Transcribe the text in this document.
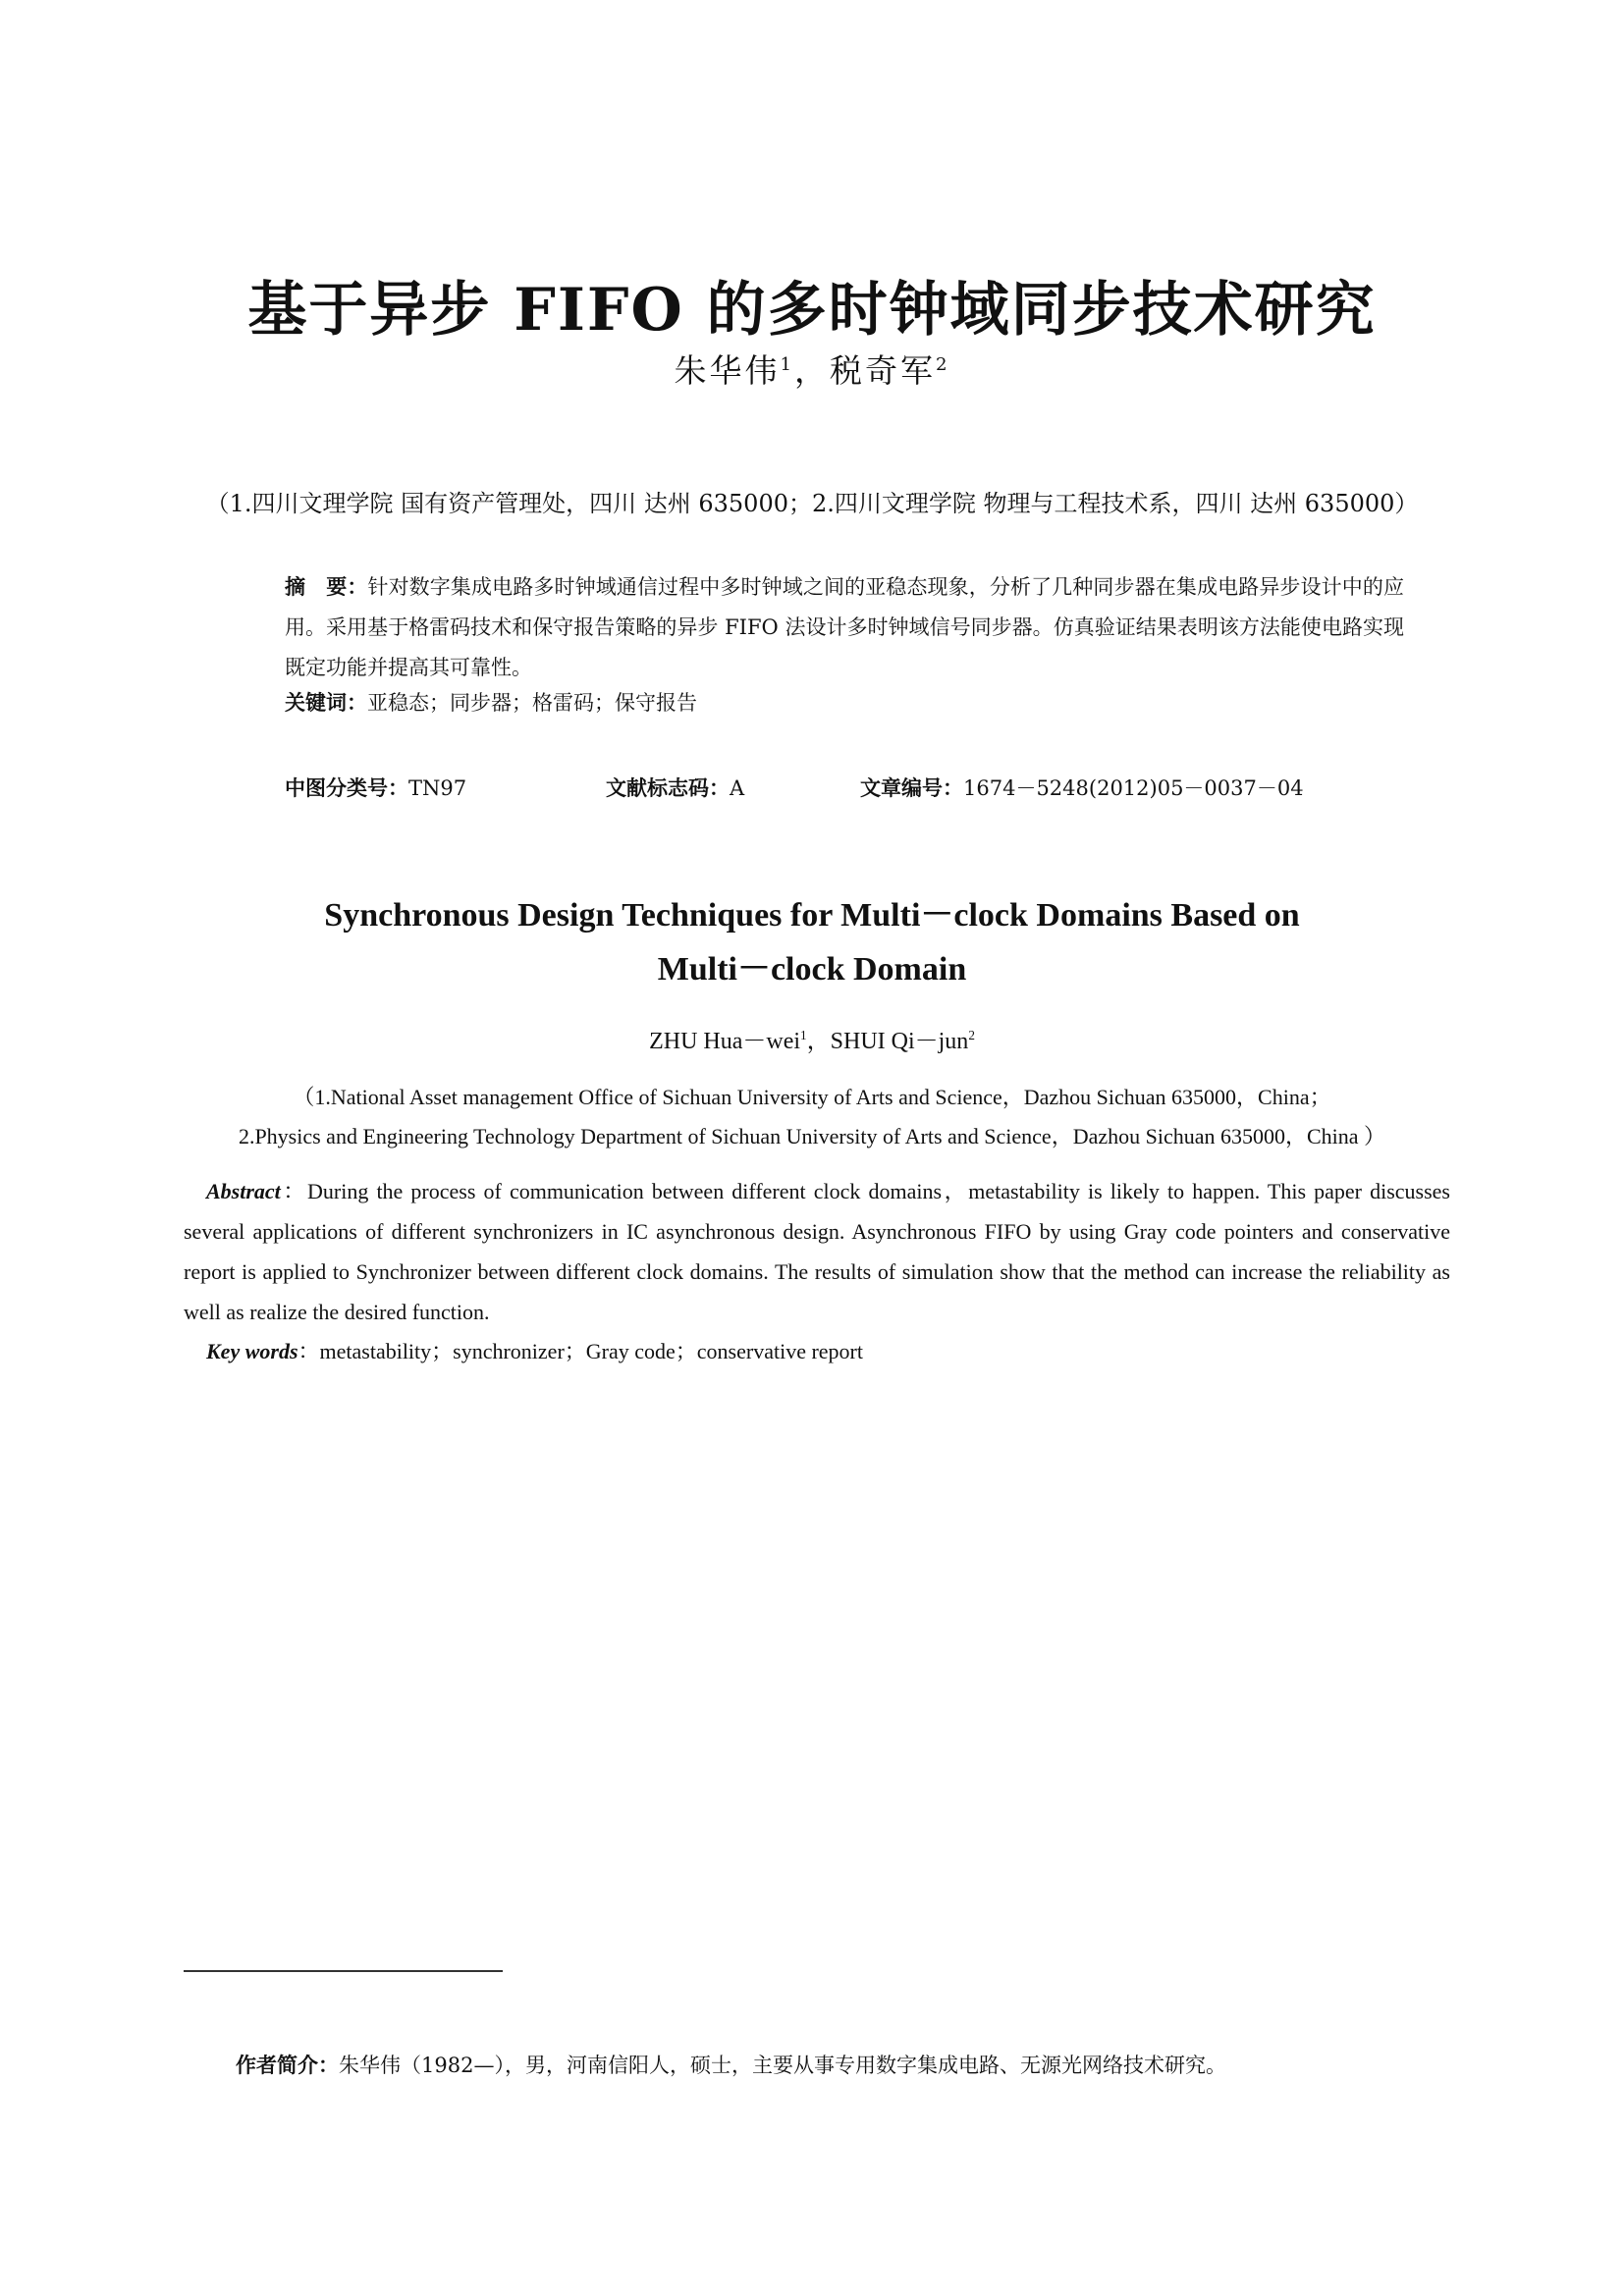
基于异步 FIFO 的多时钟域同步技术研究
朱华伟$^1$，税奇军$^2$
（1.四川文理学院 国有资产管理处，四川 达州 635000；2.四川文理学院 物理与工程技术系，四川 达州 635000）
摘　要：针对数字集成电路多时钟域通信过程中多时钟域之间的亚稳态现象，分析了几种同步器在集成电路异步设计中的应用。采用基于格雷码技术和保守报告策略的异步 FIFO 法设计多时钟域信号同步器。仿真验证结果表明该方法能使电路实现既定功能并提高其可靠性。
关键词：亚稳态；同步器；格雷码；保守报告
中图分类号：TN97	文献标志码：A	文章编号：1674－5248(2012)05－0037－04
Synchronous Design Techniques for Multi－clock Domains Based on
Multi－clock Domain
ZHU Hua－wei$^1$，SHUI Qi－jun$^2$
（1.National Asset management Office of Sichuan University of Arts and Science，Dazhou Sichuan 635000，China；
2.Physics and Engineering Technology Department of Sichuan University of Arts and Science，Dazhou Sichuan 635000，China ）
Abstract：During the process of communication between different clock domains，metastability is likely to happen. This paper discusses several applications of different synchronizers in IC asynchronous design. Asynchronous FIFO by using Gray code pointers and conservative report is applied to Synchronizer between different clock domains. The results of simulation show that the method can increase the reliability as well as realize the desired function.
Key words：metastability；synchronizer；Gray code；conservative report
作者简介：朱华伟（1982—），男，河南信阳人，硕士，主要从事专用数字集成电路、无源光网络技术研究。
